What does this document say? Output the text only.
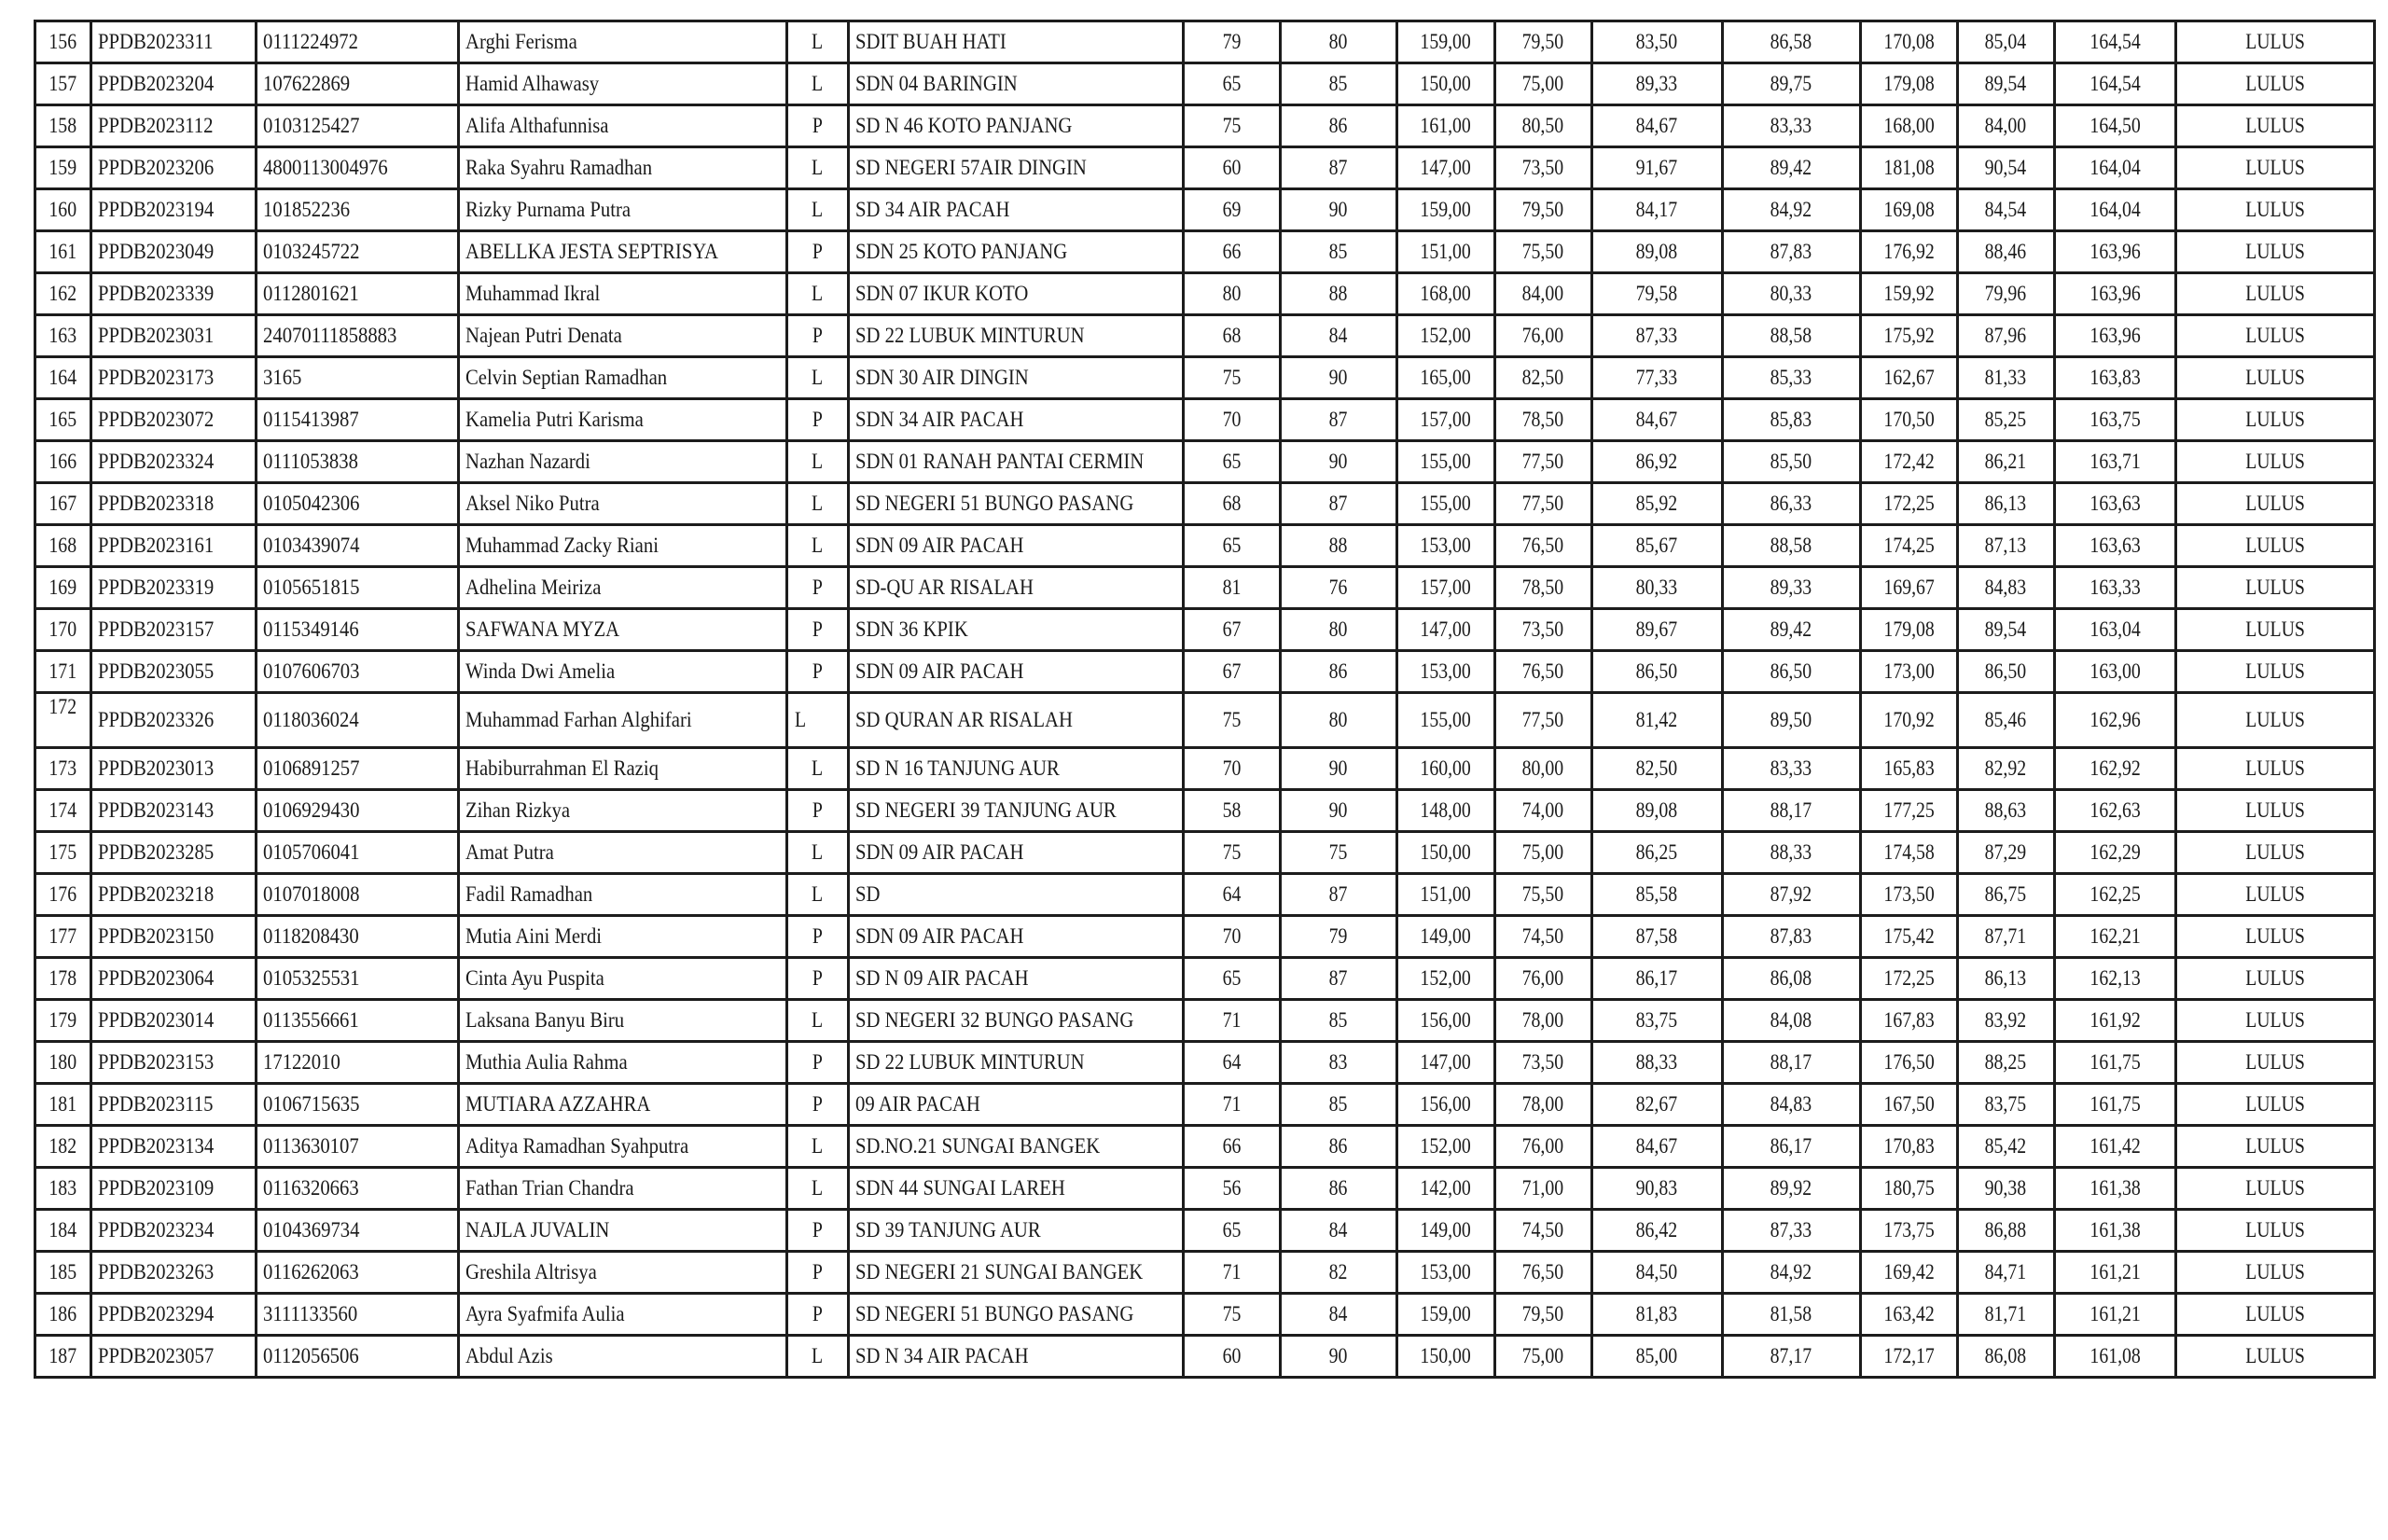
156	PPDB2023311	0111224972	Arghi Ferisma	L	SDIT BUAH HATI	79	80	159,00	79,50	83,50	86,58	170,08	85,04	164,54	LULUS
157	PPDB2023204	107622869	Hamid Alhawasy	L	SDN 04 BARINGIN	65	85	150,00	75,00	89,33	89,75	179,08	89,54	164,54	LULUS
158	PPDB2023112	0103125427	Alifa Althafunnisa	P	SD N 46 KOTO PANJANG	75	86	161,00	80,50	84,67	83,33	168,00	84,00	164,50	LULUS
159	PPDB2023206	4800113004976	Raka Syahru Ramadhan	L	SD NEGERI 57AIR DINGIN	60	87	147,00	73,50	91,67	89,42	181,08	90,54	164,04	LULUS
160	PPDB2023194	101852236	Rizky Purnama Putra	L	SD 34 AIR PACAH	69	90	159,00	79,50	84,17	84,92	169,08	84,54	164,04	LULUS
161	PPDB2023049	0103245722	ABELLKA JESTA SEPTRISYA	P	SDN 25 KOTO PANJANG	66	85	151,00	75,50	89,08	87,83	176,92	88,46	163,96	LULUS
162	PPDB2023339	0112801621	Muhammad Ikral	L	SDN 07 IKUR KOTO	80	88	168,00	84,00	79,58	80,33	159,92	79,96	163,96	LULUS
163	PPDB2023031	24070111858883	Najean Putri Denata	P	SD 22 LUBUK MINTURUN	68	84	152,00	76,00	87,33	88,58	175,92	87,96	163,96	LULUS
164	PPDB2023173	3165	Celvin Septian Ramadhan	L	SDN 30 AIR DINGIN	75	90	165,00	82,50	77,33	85,33	162,67	81,33	163,83	LULUS
165	PPDB2023072	0115413987	Kamelia Putri Karisma	P	SDN 34 AIR PACAH	70	87	157,00	78,50	84,67	85,83	170,50	85,25	163,75	LULUS
166	PPDB2023324	0111053838	Nazhan Nazardi	L	SDN 01 RANAH PANTAI CERMIN	65	90	155,00	77,50	86,92	85,50	172,42	86,21	163,71	LULUS
167	PPDB2023318	0105042306	Aksel Niko Putra	L	SD NEGERI 51 BUNGO PASANG	68	87	155,00	77,50	85,92	86,33	172,25	86,13	163,63	LULUS
168	PPDB2023161	0103439074	Muhammad Zacky Riani	L	SDN 09 AIR PACAH	65	88	153,00	76,50	85,67	88,58	174,25	87,13	163,63	LULUS
169	PPDB2023319	0105651815	Adhelina Meiriza	P	SD-QU AR RISALAH	81	76	157,00	78,50	80,33	89,33	169,67	84,83	163,33	LULUS
170	PPDB2023157	0115349146	SAFWANA MYZA	P	SDN 36 KPIK	67	80	147,00	73,50	89,67	89,42	179,08	89,54	163,04	LULUS
171	PPDB2023055	0107606703	Winda Dwi Amelia	P	SDN 09 AIR PACAH	67	86	153,00	76,50	86,50	86,50	173,00	86,50	163,00	LULUS
172	PPDB2023326	0118036024	Muhammad Farhan Alghifari	L	SD QURAN AR RISALAH	75	80	155,00	77,50	81,42	89,50	170,92	85,46	162,96	LULUS
173	PPDB2023013	0106891257	Habiburrahman El Raziq	L	SD N 16 TANJUNG AUR	70	90	160,00	80,00	82,50	83,33	165,83	82,92	162,92	LULUS
174	PPDB2023143	0106929430	Zihan Rizkya	P	SD NEGERI 39 TANJUNG AUR	58	90	148,00	74,00	89,08	88,17	177,25	88,63	162,63	LULUS
175	PPDB2023285	0105706041	Amat Putra	L	SDN 09 AIR PACAH	75	75	150,00	75,00	86,25	88,33	174,58	87,29	162,29	LULUS
176	PPDB2023218	0107018008	Fadil Ramadhan	L	SD	64	87	151,00	75,50	85,58	87,92	173,50	86,75	162,25	LULUS
177	PPDB2023150	0118208430	Mutia Aini Merdi	P	SDN 09 AIR PACAH	70	79	149,00	74,50	87,58	87,83	175,42	87,71	162,21	LULUS
178	PPDB2023064	0105325531	Cinta Ayu Puspita	P	SD N 09 AIR PACAH	65	87	152,00	76,00	86,17	86,08	172,25	86,13	162,13	LULUS
179	PPDB2023014	0113556661	Laksana Banyu Biru	L	SD NEGERI 32 BUNGO PASANG	71	85	156,00	78,00	83,75	84,08	167,83	83,92	161,92	LULUS
180	PPDB2023153	17122010	Muthia Aulia Rahma	P	SD 22 LUBUK MINTURUN	64	83	147,00	73,50	88,33	88,17	176,50	88,25	161,75	LULUS
181	PPDB2023115	0106715635	MUTIARA AZZAHRA	P	09 AIR PACAH	71	85	156,00	78,00	82,67	84,83	167,50	83,75	161,75	LULUS
182	PPDB2023134	0113630107	Aditya Ramadhan Syahputra	L	SD.NO.21 SUNGAI BANGEK	66	86	152,00	76,00	84,67	86,17	170,83	85,42	161,42	LULUS
183	PPDB2023109	0116320663	Fathan Trian Chandra	L	SDN 44 SUNGAI LAREH	56	86	142,00	71,00	90,83	89,92	180,75	90,38	161,38	LULUS
184	PPDB2023234	0104369734	NAJLA JUVALIN	P	SD 39 TANJUNG AUR	65	84	149,00	74,50	86,42	87,33	173,75	86,88	161,38	LULUS
185	PPDB2023263	0116262063	Greshila Altrisya	P	SD NEGERI 21 SUNGAI BANGEK	71	82	153,00	76,50	84,50	84,92	169,42	84,71	161,21	LULUS
186	PPDB2023294	3111133560	Ayra Syafmifa Aulia	P	SD NEGERI 51 BUNGO PASANG	75	84	159,00	79,50	81,83	81,58	163,42	81,71	161,21	LULUS
187	PPDB2023057	0112056506	Abdul Azis	L	SD N 34 AIR PACAH	60	90	150,00	75,00	85,00	87,17	172,17	86,08	161,08	LULUS
